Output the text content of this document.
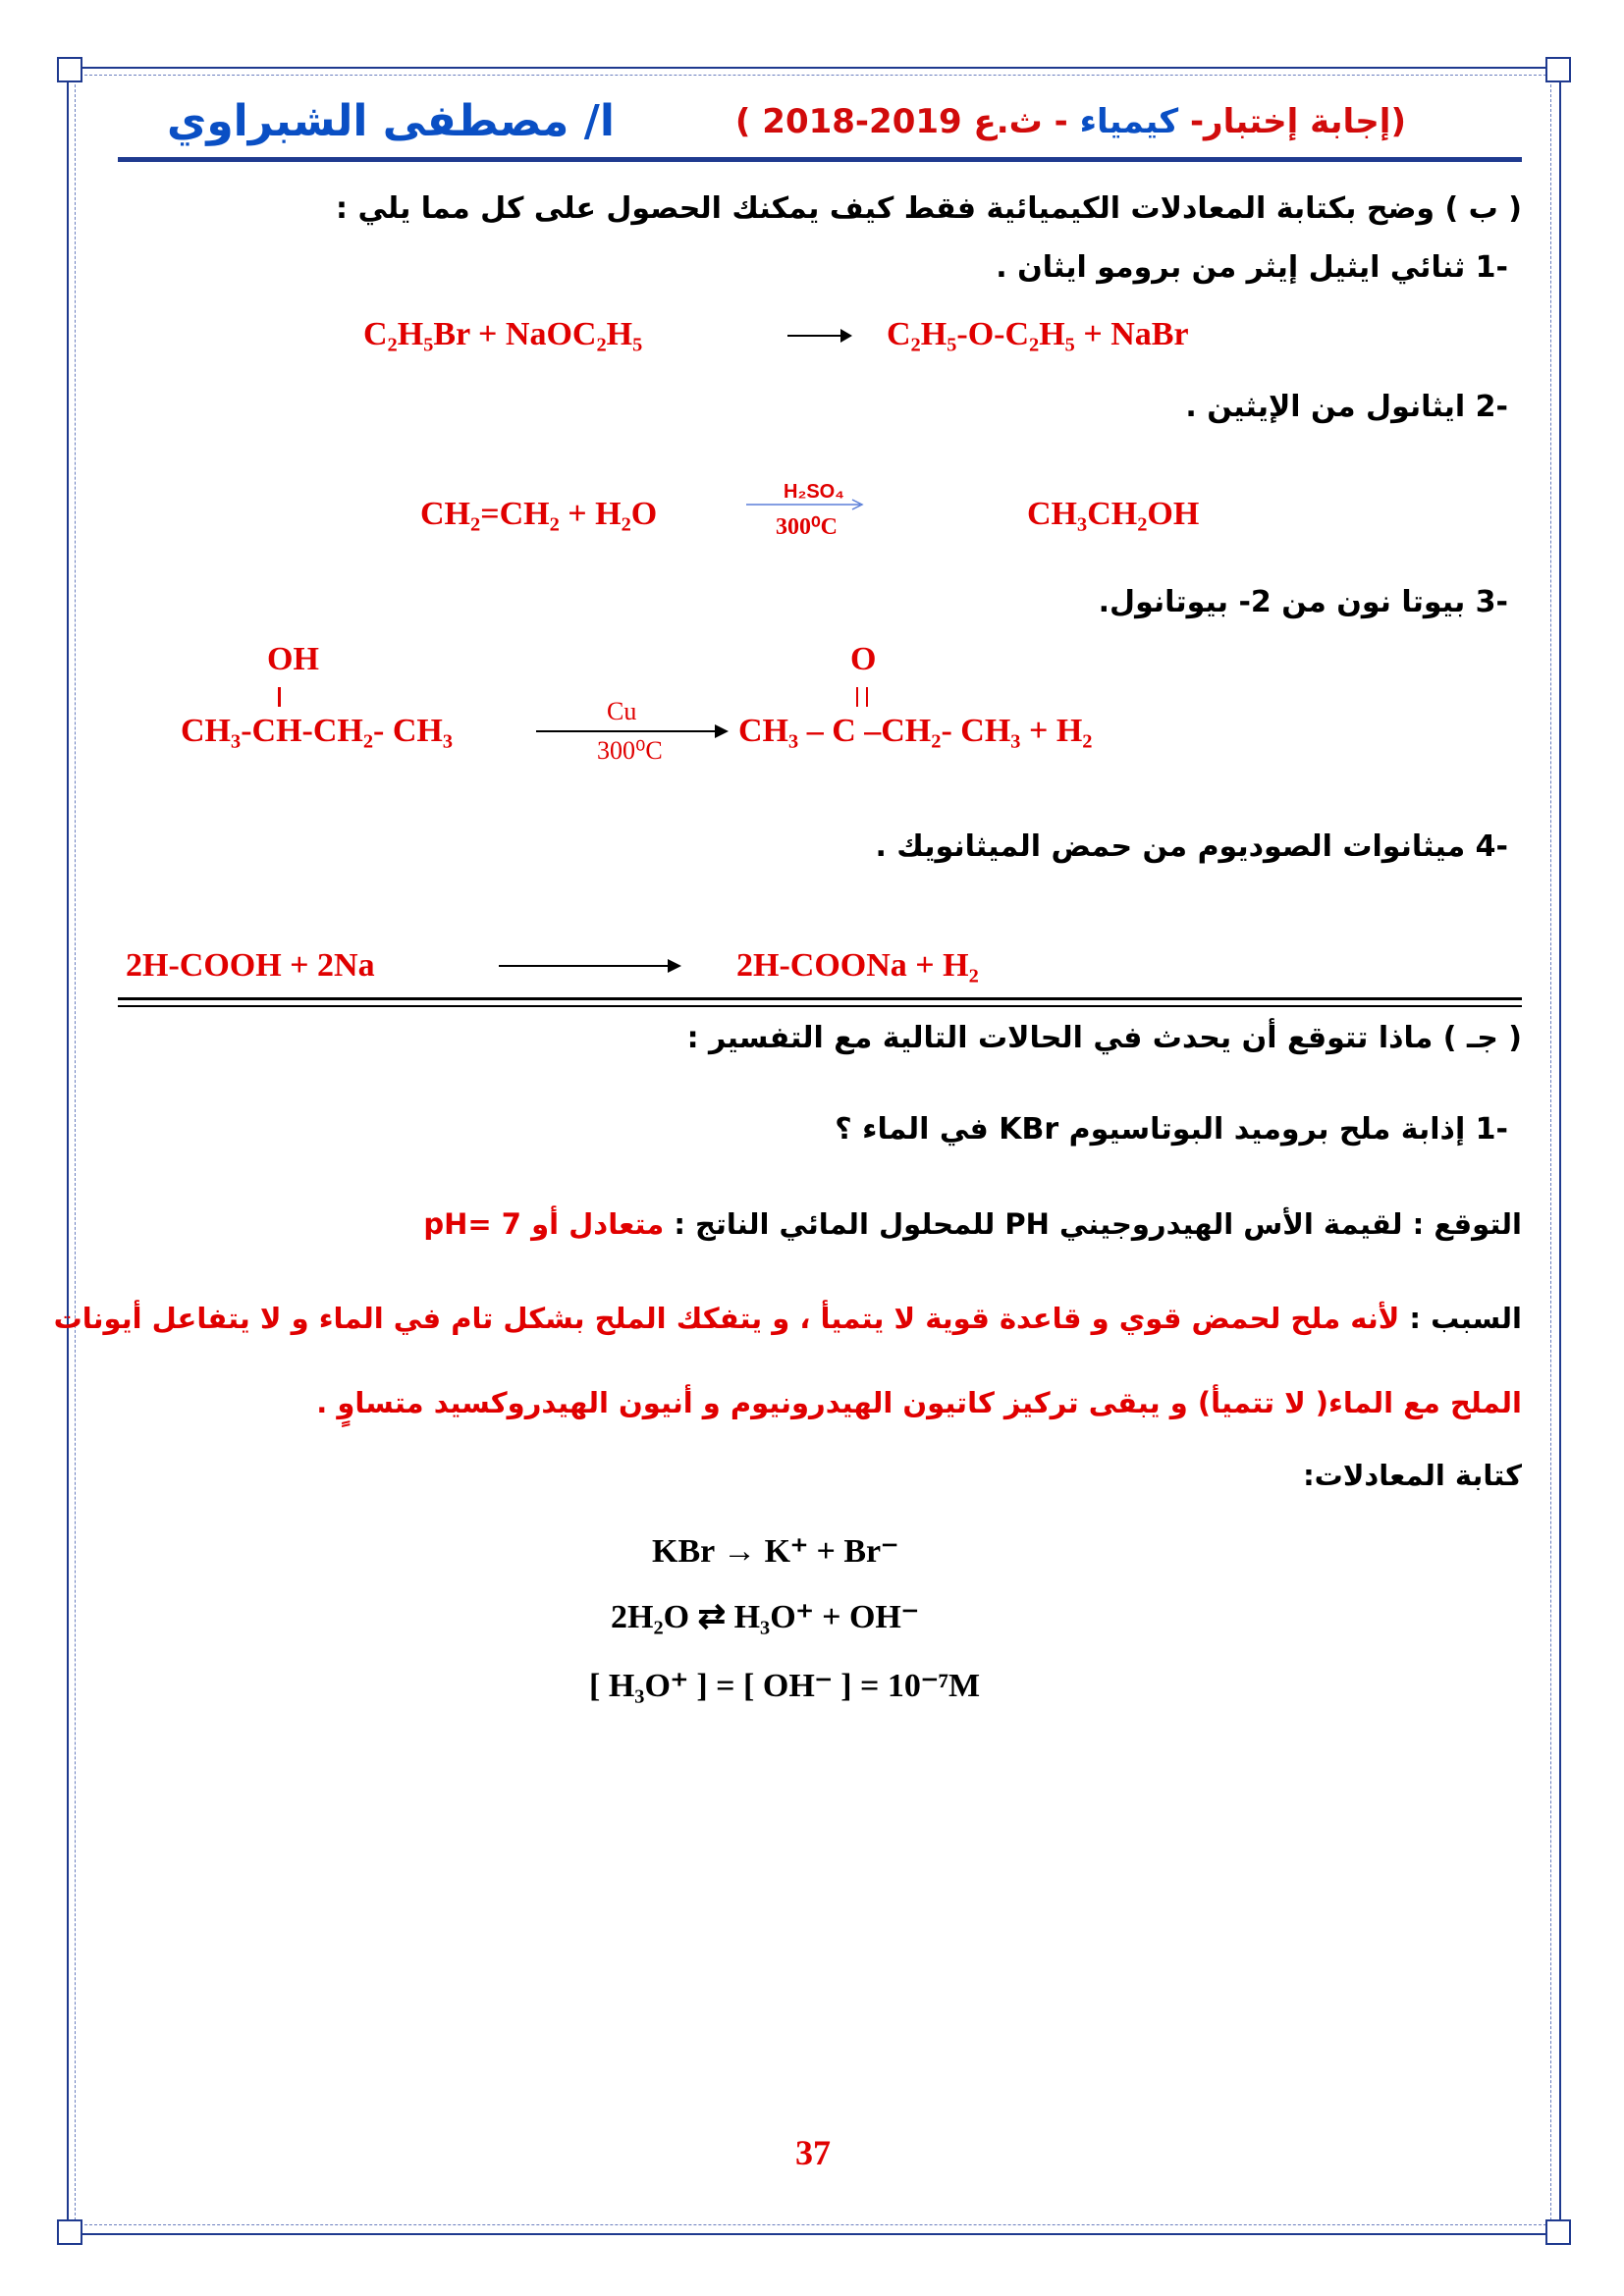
ا/ مصطفى الشبراوي	(إجابة إختبار- كيمياء - ث.ع 2019-2018 )
( ب ) وضح بكتابة المعادلات الكيميائية فقط كيف يمكنك الحصول على كل مما يلي :
-1 ثنائي ايثيل إيثر من برومو ايثان .
C₂H₅Br + NaOC₂H₅	C₂H₅-O-C₂H₅ + NaBr
-2 ايثانول من الإيثين .
CH₂=CH₂ + H₂O
H₂SO₄
300⁰C	CH₃CH₂OH
-3 بيوتا نون من 2- بيوتانول.
OH
CH₃-CH-CH₂- CH₃
Cu
300⁰C
O
CH₃ – C –CH₂- CH₃ + H₂
-4 ميثانوات الصوديوم من حمض الميثانويك .
2H-COOH + 2Na	2H-COONa + H₂
( جـ ) ماذا تتوقع أن يحدث في الحالات التالية مع التفسير :
-1 إذابة ملح بروميد البوتاسيوم KBr في الماء ؟
التوقع : لقيمة الأس الهيدروجيني PH للمحلول المائي الناتج : متعادل أو pH= 7
السبب : لأنه ملح لحمض قوي و قاعدة قوية لا يتميأ ، و يتفكك الملح بشكل تام في الماء و لا يتفاعل أيونات
الملح مع الماء( لا تتميأ) و يبقى تركيز كاتيون الهيدرونيوم و أنيون الهيدروكسيد متساوٍ .
كتابة المعادلات:
KBr → K⁺ + Br⁻
2H₂O ⇄ H₃O⁺ + OH⁻
[ H₃O⁺ ] = [ OH⁻ ] = 10⁻⁷M
37
